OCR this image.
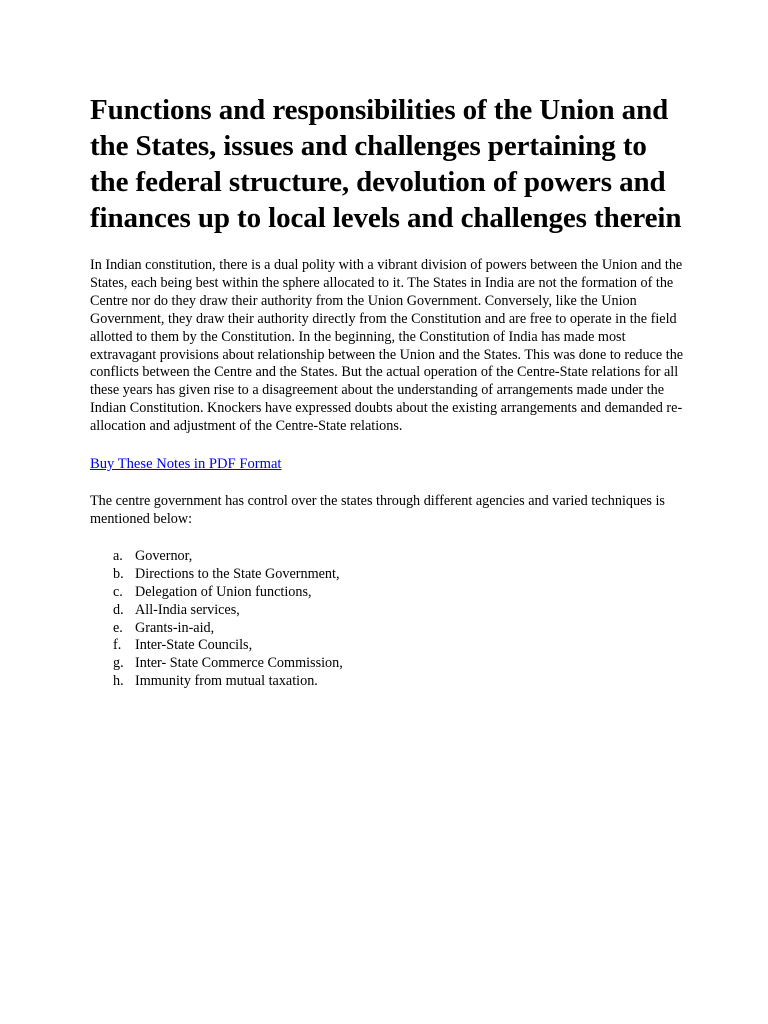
Functions and responsibilities of the Union and the States, issues and challenges pertaining to the federal structure, devolution of powers and finances up to local levels and challenges therein

In Indian constitution, there is a dual polity with a vibrant division of powers between the Union and the States, each being best within the sphere allocated to it. The States in India are not the formation of the Centre nor do they draw their authority from the Union Government. Conversely, like the Union Government, they draw their authority directly from the Constitution and are free to operate in the field allotted to them by the Constitution. In the beginning, the Constitution of India has made most extravagant provisions about relationship between the Union and the States. This was done to reduce the conflicts between the Centre and the States. But the actual operation of the Centre-State relations for all these years has given rise to a disagreement about the understanding of arrangements made under the Indian Constitution. Knockers have expressed doubts about the existing arrangements and demanded re-allocation and adjustment of the Centre-State relations.

Buy These Notes in PDF Format

The centre government has control over the states through different agencies and varied techniques is mentioned below:

a. Governor,
b. Directions to the State Government,
c. Delegation of Union functions,
d. All-India services,
e. Grants-in-aid,
f. Inter-State Councils,
g. Inter- State Commerce Commission,
h. Immunity from mutual taxation.
